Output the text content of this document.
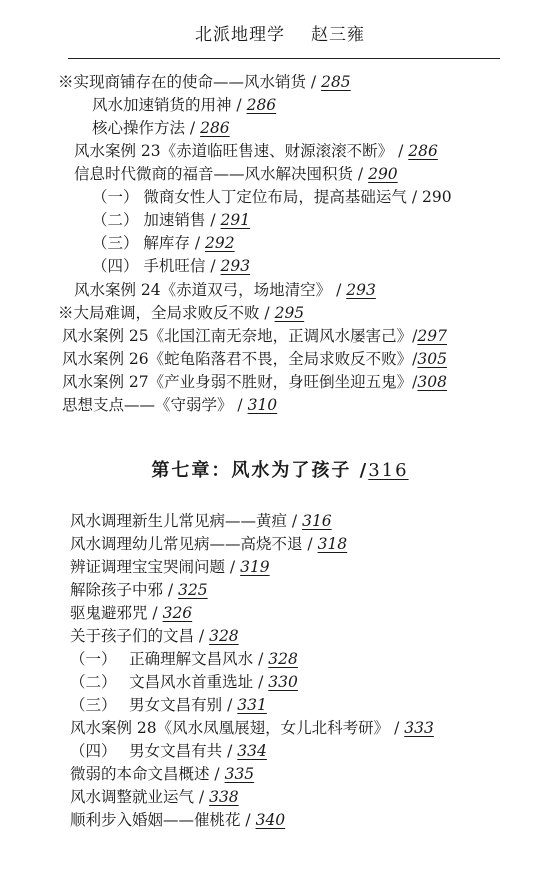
北派地理学 赵三雍
※实现商铺存在的使命——风水销货 / 285
风水加速销货的用神 / 286
核心操作方法 / 286
风水案例 23《赤道临旺售速、财源滚滚不断》 / 286
信息时代微商的福音——风水解决囤积货 / 290
（一） 微商女性人丁定位布局，提高基础运气 / 290
（二） 加速销售 / 291
（三） 解库存 / 292
（四） 手机旺信 / 293
风水案例 24《赤道双弓，场地清空》 / 293
※大局难调，全局求败反不败 / 295
风水案例 25《北国江南无奈地，正调风水屡害己》/297
风水案例 26《蛇龟陷落君不畏，全局求败反不败》/305
风水案例 27《产业身弱不胜财，身旺倒坐迎五鬼》/308
思想支点——《守弱学》 / 310
第七章：风水为了孩子 /316
风水调理新生儿常见病——黄疸 / 316
风水调理幼儿常见病——高烧不退 / 318
辨证调理宝宝哭闹问题 / 319
解除孩子中邪 / 325
驱鬼避邪咒 / 326
关于孩子们的文昌 / 328
（一）　 正确理解文昌风水 / 328
（二）　 文昌风水首重选址 / 330
（三）　 男女文昌有别 / 331
风水案例 28《风水凤凰展翅，女儿北科考研》 / 333
（四）　 男女文昌有共 / 334
微弱的本命文昌概述 / 335
风水调整就业运气 / 338
顺利步入婚姻——催桃花 / 340
